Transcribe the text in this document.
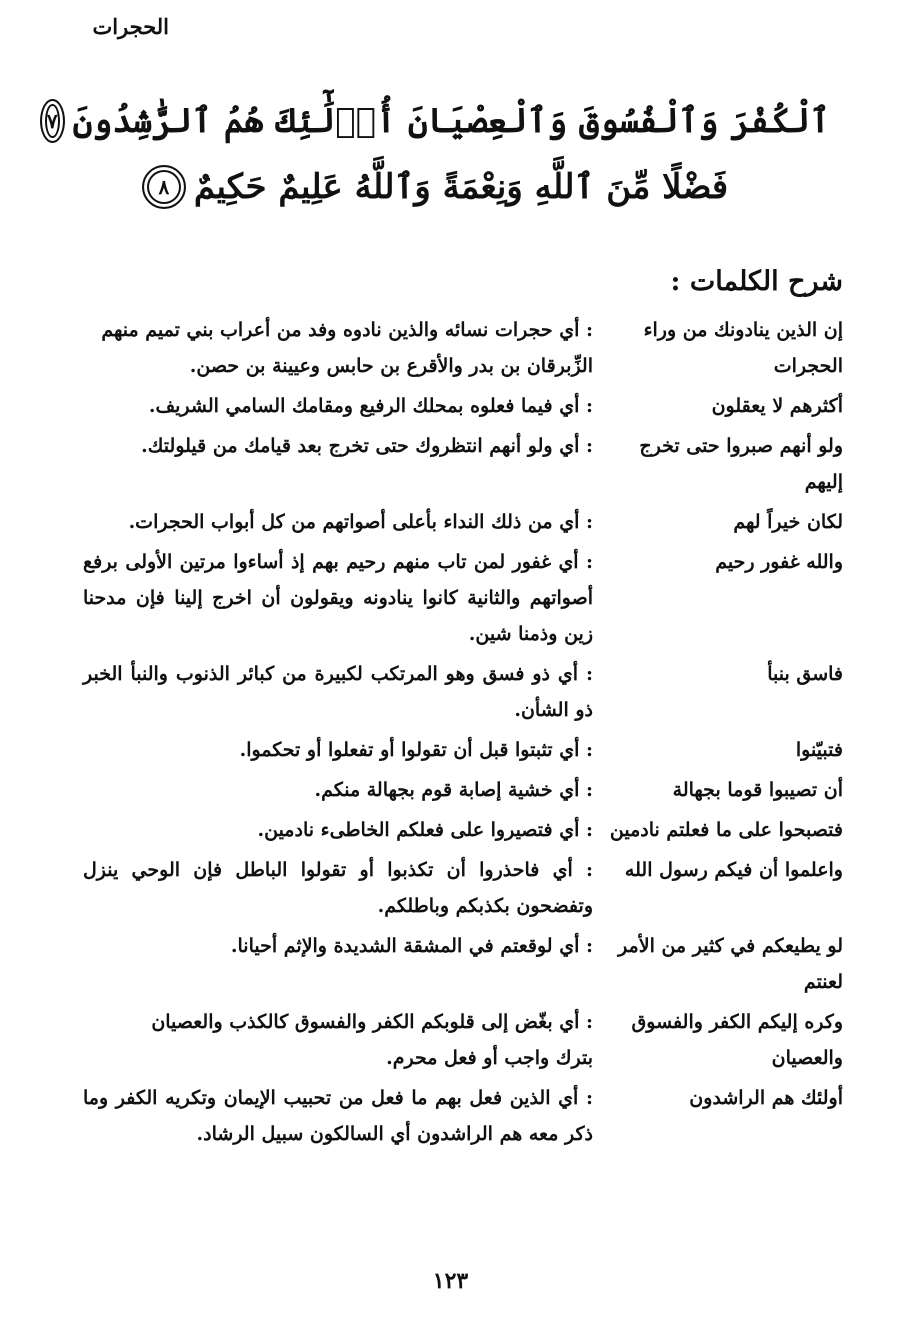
الحجرات
ٱلْكُفْرَ وَٱلْفُسُوقَ وَٱلْعِصْيَانَ أُو۟لَٰٓئِكَ هُمُ ٱلرَّٰشِدُونَ
٧
فَضْلًا مِّنَ ٱللَّهِ وَنِعْمَةً وَٱللَّهُ عَلِيمٌ حَكِيمٌ
٨
شرح الكلمات :
إن الذين ينادونك من وراء
: أي حجرات نسائه والذين نادوه وفد من أعراب بني تميم منهم
الحجرات
الزِّبرقان بن بدر والأقرع بن حابس وعيينة بن حصن.
أكثرهم لا يعقلون
: أي فيما فعلوه بمحلك الرفيع ومقامك السامي الشريف.
ولو أنهم صبروا حتى تخرج
: أي ولو أنهم انتظروك حتى تخرج بعد قيامك من قيلولتك.
إليهم
لكان خيراً لهم
: أي من ذلك النداء بأعلى أصواتهم من كل أبواب الحجرات.
والله غفور رحيم
: أي غفور لمن تاب منهم رحيم بهم إذ أساءوا مرتين الأولى برفع أصواتهم والثانية كانوا ينادونه ويقولون أن اخرج إلينا فإن مدحنا زين وذمنا شين.
فاسق بنبأ
: أي ذو فسق وهو المرتكب لكبيرة من كبائر الذنوب والنبأ الخبر ذو الشأن.
فتبيّنوا
: أي تثبتوا قبل أن تقولوا أو تفعلوا أو تحكموا.
أن تصيبوا قوما بجهالة
: أي خشية إصابة قوم بجهالة منكم.
فتصبحوا على ما فعلتم نادمين
: أي فتصيروا على فعلكم الخاطىء نادمين.
واعلموا أن فيكم رسول الله
: أي فاحذروا أن تكذبوا أو تقولوا الباطل فإن الوحي ينزل وتفضحون بكذبكم وباطلكم.
لو يطيعكم في كثير من الأمر
: أي لوقعتم في المشقة الشديدة والإثم أحيانا.
لعنتم
وكره إليكم الكفر والفسوق
: أي بغّض إلى قلوبكم الكفر والفسوق كالكذب والعصيان
والعصيان
بترك واجب أو فعل محرم.
أولئك هم الراشدون
: أي الذين فعل بهم ما فعل من تحبيب الإيمان وتكريه الكفر وما ذكر معه هم الراشدون أي السالكون سبيل الرشاد.
١٢٣
